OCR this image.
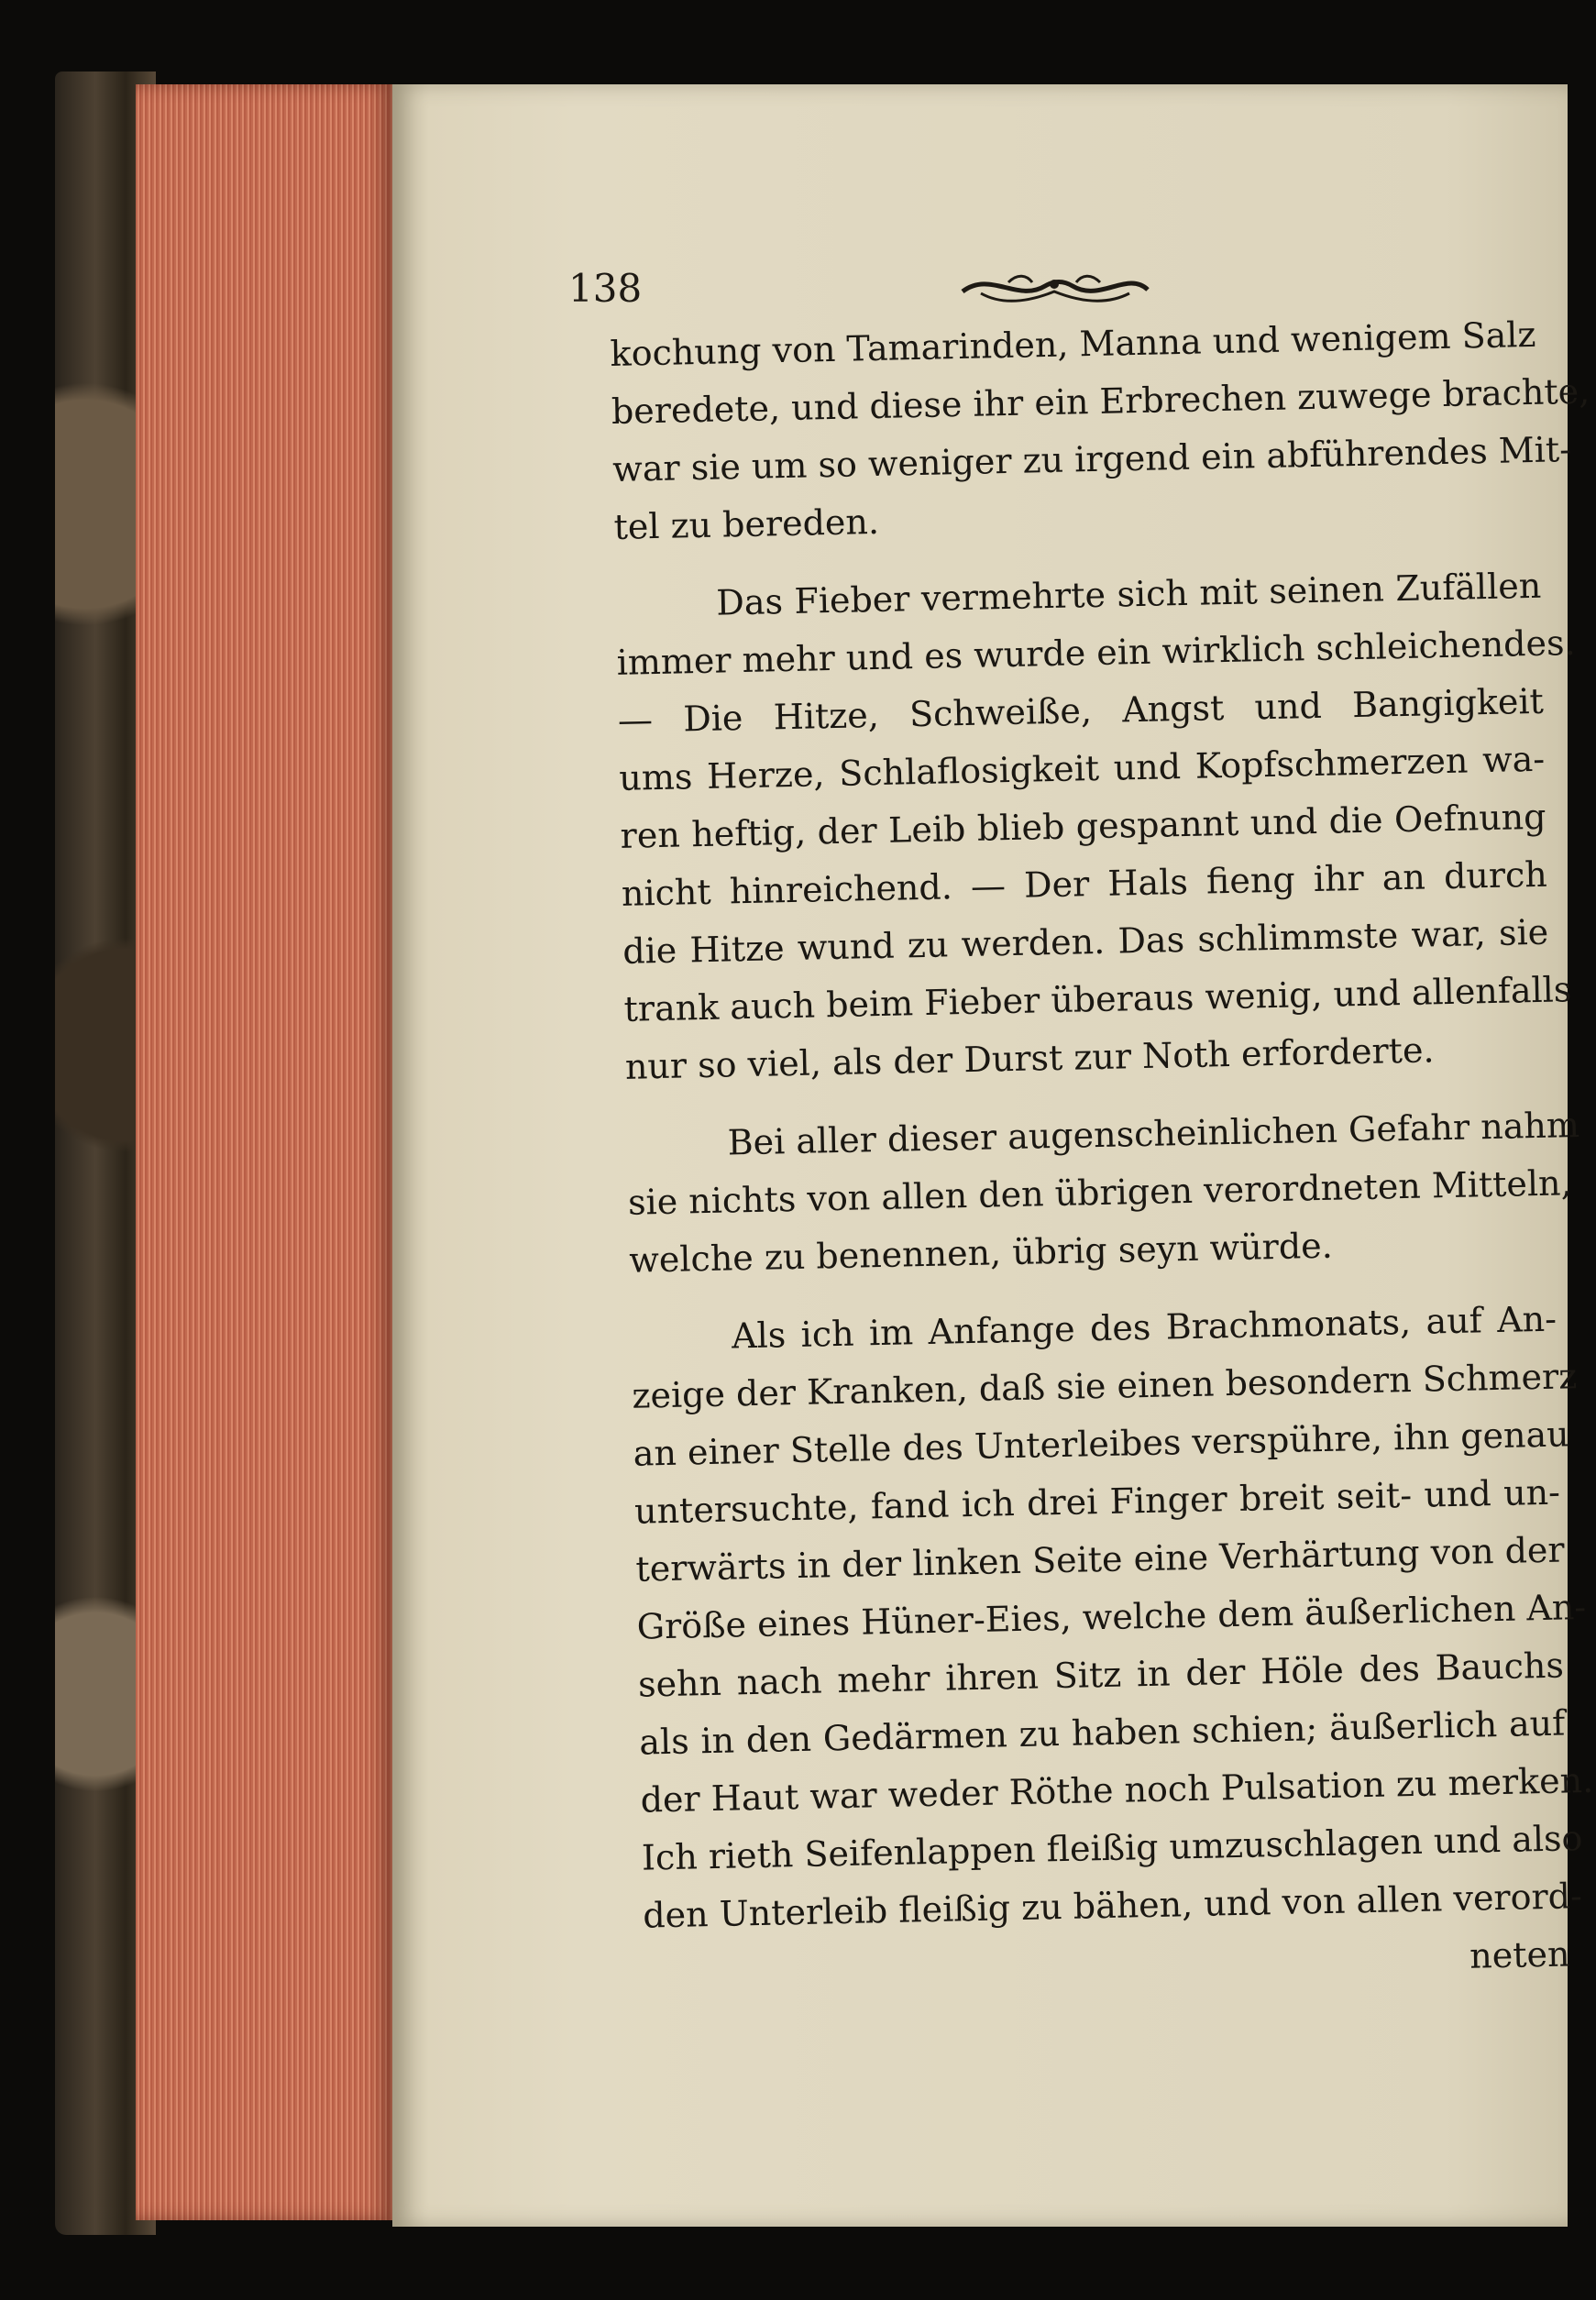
138
kochung von Tamarinden, Manna und wenigem Salz
beredete, und diese ihr ein Erbrechen zuwege brachte,
war sie um so weniger zu irgend ein abführendes Mit-
tel zu bereden.
Das Fieber vermehrte sich mit seinen Zufällen
immer mehr und es wurde ein wirklich schleichendes.
— Die Hitze, Schweiße, Angst und Bangigkeit
ums Herze, Schlaflosigkeit und Kopfschmerzen wa-
ren heftig, der Leib blieb gespannt und die Oefnung
nicht hinreichend. — Der Hals fieng ihr an durch
die Hitze wund zu werden. Das schlimmste war, sie
trank auch beim Fieber überaus wenig, und allenfalls
nur so viel, als der Durst zur Noth erforderte.
Bei aller dieser augenscheinlichen Gefahr nahm
sie nichts von allen den übrigen verordneten Mitteln,
welche zu benennen, übrig seyn würde.
Als ich im Anfange des Brachmonats, auf An-
zeige der Kranken, daß sie einen besondern Schmerz
an einer Stelle des Unterleibes verspühre, ihn genau
untersuchte, fand ich drei Finger breit seit- und un-
terwärts in der linken Seite eine Verhärtung von der
Größe eines Hüner-Eies, welche dem äußerlichen An-
sehn nach mehr ihren Sitz in der Höle des Bauchs
als in den Gedärmen zu haben schien; äußerlich auf
der Haut war weder Röthe noch Pulsation zu merken.
Ich rieth Seifenlappen fleißig umzuschlagen und also
den Unterleib fleißig zu bähen, und von allen verord-
neten
